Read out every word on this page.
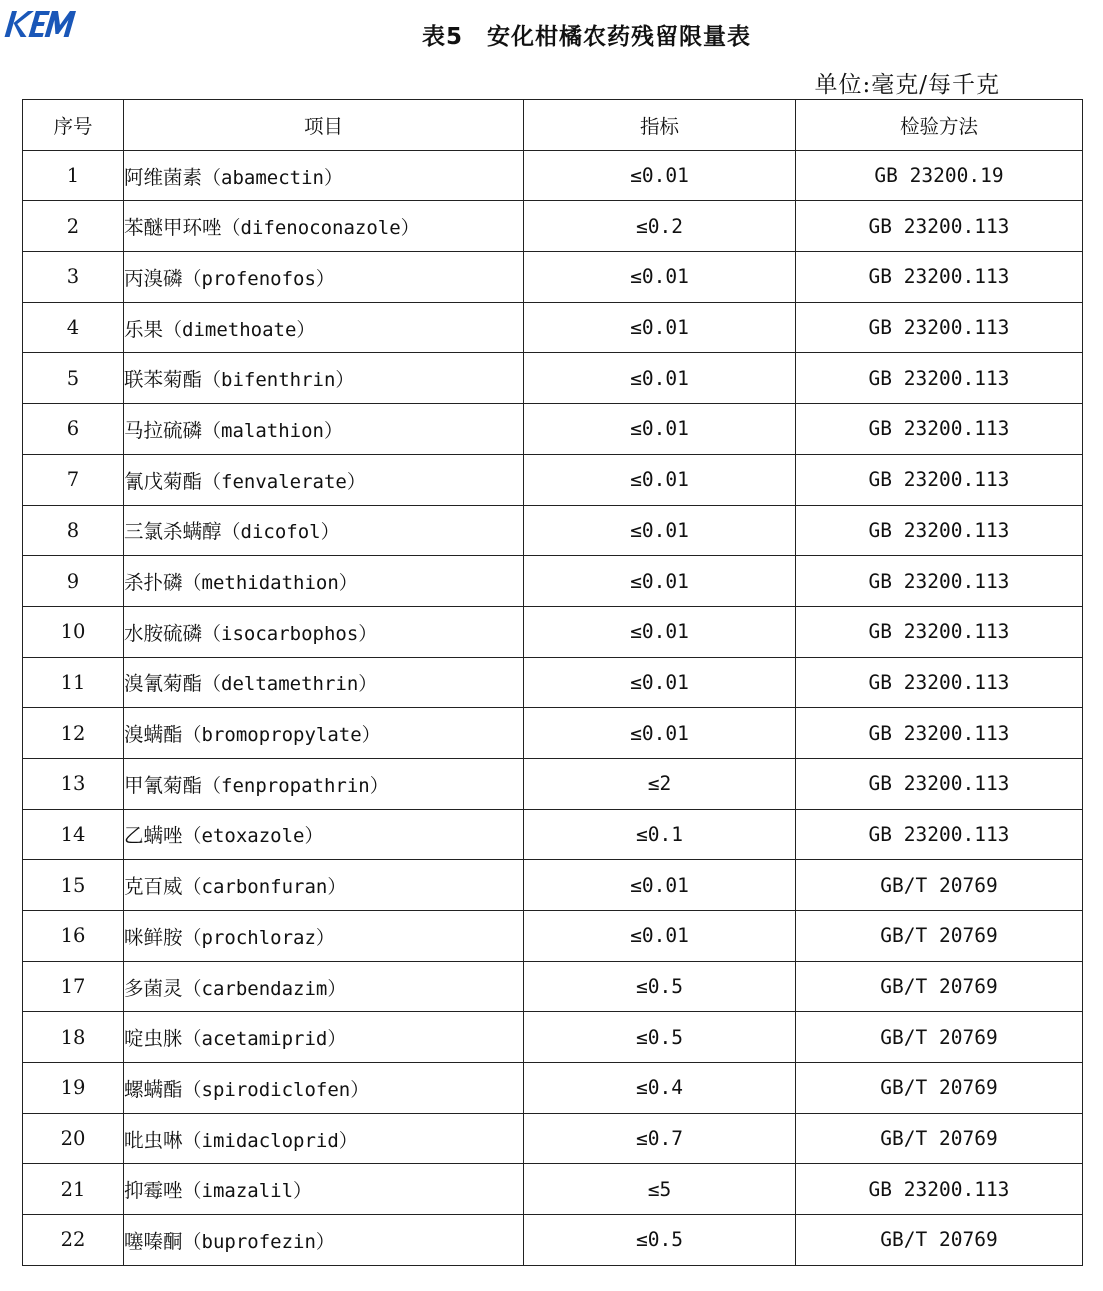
表5　安化柑橘农药残留限量表
单位:毫克/每千克
序号	项目	指标	检验方法
1	阿维菌素（abamectin）	≤0.01	GB 23200.19
2	苯醚甲环唑（difenoconazole）	≤0.2	GB 23200.113
3	丙溴磷（profenofos）	≤0.01	GB 23200.113
4	乐果（dimethoate）	≤0.01	GB 23200.113
5	联苯菊酯（bifenthrin）	≤0.01	GB 23200.113
6	马拉硫磷（malathion）	≤0.01	GB 23200.113
7	氰戊菊酯（fenvalerate）	≤0.01	GB 23200.113
8	三氯杀螨醇（dicofol）	≤0.01	GB 23200.113
9	杀扑磷（methidathion）	≤0.01	GB 23200.113
10	水胺硫磷（isocarbophos）	≤0.01	GB 23200.113
11	溴氰菊酯（deltamethrin）	≤0.01	GB 23200.113
12	溴螨酯（bromopropylate）	≤0.01	GB 23200.113
13	甲氰菊酯（fenpropathrin）	≤2	GB 23200.113
14	乙螨唑（etoxazole）	≤0.1	GB 23200.113
15	克百威（carbonfuran）	≤0.01	GB/T 20769
16	咪鲜胺（prochloraz）	≤0.01	GB/T 20769
17	多菌灵（carbendazim）	≤0.5	GB/T 20769
18	啶虫脒（acetamiprid）	≤0.5	GB/T 20769
19	螺螨酯（spirodiclofen）	≤0.4	GB/T 20769
20	吡虫啉（imidacloprid）	≤0.7	GB/T 20769
21	抑霉唑（imazalil）	≤5	GB 23200.113
22	噻嗪酮（buprofezin）	≤0.5	GB/T 20769
